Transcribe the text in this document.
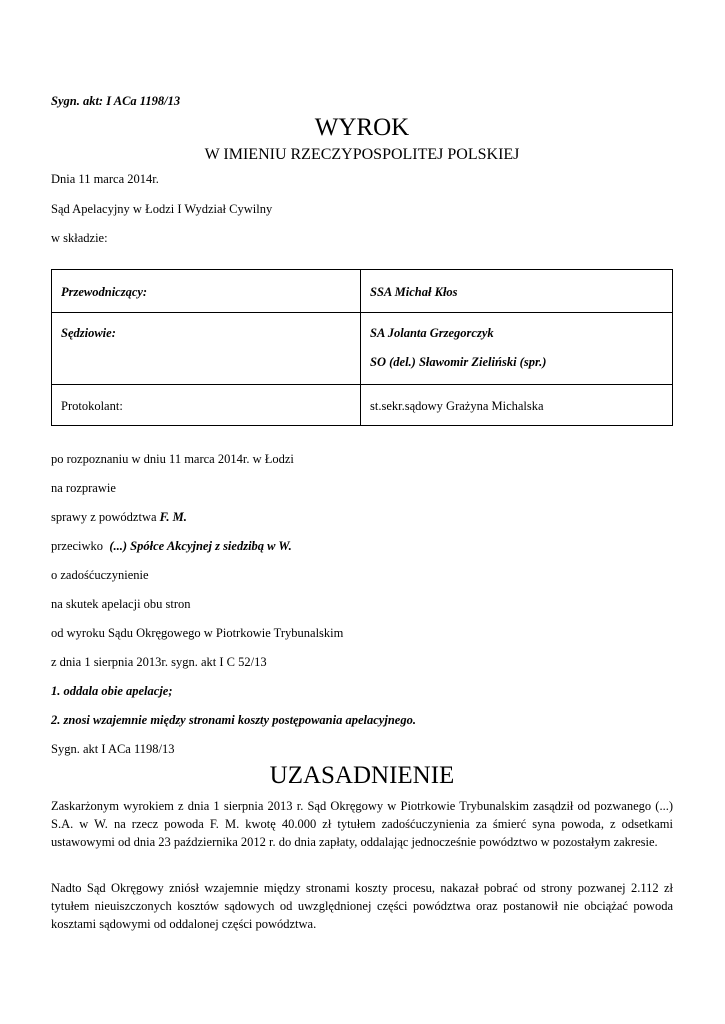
Sygn. akt: I ACa 1198/13
WYROK
W IMIENIU RZECZYPOSPOLITEJ POLSKIEJ
Dnia 11 marca 2014r.
Sąd Apelacyjny w Łodzi I Wydział Cywilny
w składzie:
Przewodniczący:	SSA Michał Kłos

Sędziowie:	SA Jolanta Grzegorczyk
SO (del.) Sławomir Zieliński (spr.)

Protokolant:	st.sekr.sądowy Grażyna Michalska
po rozpoznaniu w dniu 11 marca 2014r. w Łodzi
na rozprawie
sprawy z powództwa F. M.
przeciwko  (...) Spółce Akcyjnej z siedzibą w W.
o zadośćuczynienie
na skutek apelacji obu stron
od wyroku Sądu Okręgowego w Piotrkowie Trybunalskim
z dnia 1 sierpnia 2013r. sygn. akt I C 52/13
1. oddala obie apelacje;
2. znosi wzajemnie między stronami koszty postępowania apelacyjnego.
Sygn. akt I ACa 1198/13
UZASADNIENIE
Zaskarżonym wyrokiem z dnia 1 sierpnia 2013 r. Sąd Okręgowy w Piotrkowie Trybunalskim zasądził od pozwanego (...) S.A. w W. na rzecz powoda F. M. kwotę 40.000 zł tytułem zadośćuczynienia za śmierć syna powoda, z odsetkami ustawowymi od dnia 23 października 2012 r. do dnia zapłaty, oddalając jednocześnie powództwo w pozostałym zakresie.
Nadto Sąd Okręgowy zniósł wzajemnie między stronami koszty procesu, nakazał pobrać od strony pozwanej 2.112 zł tytułem nieuiszczonych kosztów sądowych od uwzględnionej części powództwa oraz postanowił nie obciążać powoda kosztami sądowymi od oddalonej części powództwa.
